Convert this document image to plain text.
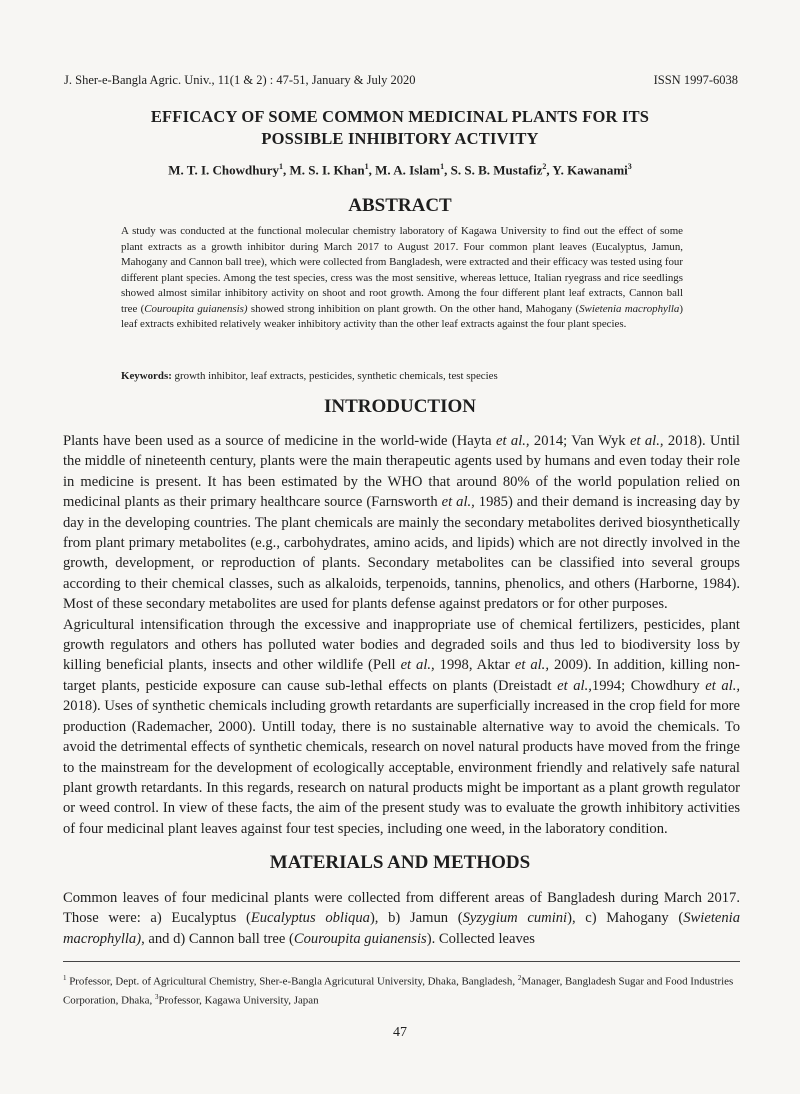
J. Sher-e-Bangla Agric. Univ., 11(1 & 2) : 47-51, January & July 2020	ISSN 1997-6038
EFFICACY OF SOME COMMON MEDICINAL PLANTS FOR ITS
POSSIBLE INHIBITORY ACTIVITY
M. T. I. Chowdhury$^1$, M. S. I. Khan$^1$, M. A. Islam$^1$, S. S. B. Mustafiz$^2$, Y. Kawanami$^3$
ABSTRACT
A study was conducted at the functional molecular chemistry laboratory of Kagawa University to find out the effect of some plant extracts as a growth inhibitor during March 2017 to August 2017. Four common plant leaves (Eucalyptus, Jamun, Mahogany and Cannon ball tree), which were collected from Bangladesh, were extracted and their efficacy was tested using four different plant species. Among the test species, cress was the most sensitive, whereas lettuce, Italian ryegrass and rice seedlings showed almost similar inhibitory activity on shoot and root growth. Among the four different plant leaf extracts, Cannon ball tree (Couroupita guianensis) showed strong inhibition on plant growth. On the other hand, Mahogany (Swietenia macrophylla) leaf extracts exhibited relatively weaker inhibitory activity than the other leaf extracts against the four plant species.
Keywords: growth inhibitor, leaf extracts, pesticides, synthetic chemicals, test species
INTRODUCTION

Plants have been used as a source of medicine in the world-wide (Hayta et al., 2014; Van Wyk et al., 2018). Until the middle of nineteenth century, plants were the main therapeutic agents used by humans and even today their role in medicine is present. It has been estimated by the WHO that around 80% of the world population relied on medicinal plants as their primary healthcare source (Farnsworth et al., 1985) and their demand is increasing day by day in the developing countries. The plant chemicals are mainly the secondary metabolites derived biosynthetically from plant primary metabolites (e.g., carbohydrates, amino acids, and lipids) which are not directly involved in the growth, development, or reproduction of plants. Secondary metabolites can be classified into several groups according to their chemical classes, such as alkaloids, terpenoids, tannins, phenolics, and others (Harborne, 1984). Most of these secondary metabolites are used for plants defense against predators or for other purposes.

Agricultural intensification through the excessive and inappropriate use of chemical fertilizers, pesticides, plant growth regulators and others has polluted water bodies and degraded soils and thus led to biodiversity loss by killing beneficial plants, insects and other wildlife (Pell et al., 1998, Aktar et al., 2009). In addition, killing non-target plants, pesticide exposure can cause sub-lethal effects on plants (Dreistadt et al.,1994; Chowdhury et al., 2018). Uses of synthetic chemicals including growth retardants are superficially increased in the crop field for more production (Rademacher, 2000). Untill today, there is no sustainable alternative way to avoid the chemicals. To avoid the detrimental effects of synthetic chemicals, research on novel natural products have moved from the fringe to the mainstream for the development of ecologically acceptable, environment friendly and relatively safe natural plant growth retardants. In this regards, research on natural products might be important as a plant growth regulator or weed control. In view of these facts, the aim of the present study was to evaluate the growth inhibitory activities of four medicinal plant leaves against four test species, including one weed, in the laboratory condition.

MATERIALS AND METHODS

Common leaves of four medicinal plants were collected from different areas of Bangladesh during March 2017. Those were: a) Eucalyptus (Eucalyptus obliqua), b) Jamun (Syzygium cumini), c) Mahogany (Swietenia macrophylla), and d) Cannon ball tree (Couroupita guianensis). Collected leaves

$^1$ Professor, Dept. of Agricultural Chemistry, Sher-e-Bangla Agricutural University, Dhaka, Bangladesh, $^2$Manager, Bangladesh Sugar and Food Industries Corporation, Dhaka, $^3$Professor, Kagawa University, Japan
47
